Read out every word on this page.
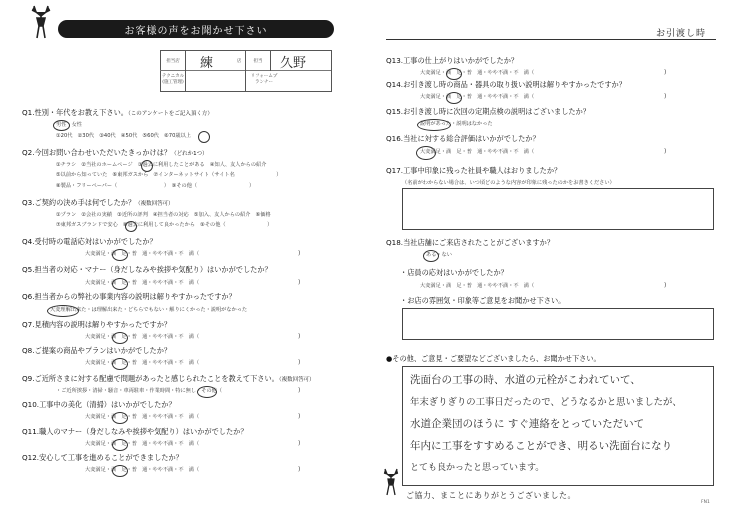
お客様の声をお聞かせ下さい
担当店	練	店	担当	久野
テクニカル(施工管理)
リフォームプランナー
Q1.性別・年代をお教え下さい。（このアンケートをご記入頂く方）
男性　女性
①20代　②30代　③40代　④50代　⑤60代　⑥70歳以上
Q2.今回お問い合わせいただいたきっかけは？（どれか1つ）
①チラシ　②当社のホームページ　③過去に利用したことがある　④知人、友人からの紹介
⑤以前から知っていた　⑥東邦ガスから　⑦インターネットサイト（サイト名　　　　　　　　）
⑧製品・フリーペーパー（　　　　　　　　　）　⑨その他（　　　　　　　　　　）
Q3.ご契約の決め手は何でしたか？（複数回答可）
①プラン　②会社の実績　③近所の評判　④担当者の対応　⑤加入、友人からの紹介　⑥価格
⑦東邦ガスブランドで安心　⑧過去に利用して良かったから　⑨その他（　　　　　　　　）
Q4.受付時の電話応対はいかがでしたか？
大変満足・満　足・普　通・やや不満・不　満（	)
Q5.担当者の対応・マナー（身だしなみや挨拶や気配り）はいかがでしたか？
大変満足・満　足・普　通・やや不満・不　満（	)
Q6.担当者からの弊社の事業内容の説明は解りやすかったですか？
大変理解出来た・は理解出来た・どちらでもない・解りにくかった・説明がなかった
Q7.見積内容の説明は解りやすかったですか？
大変満足・満　足・普　通・やや不満・不　満（	)
Q8.ご提案の商品やプランはいかがでしたか？
大変満足・満　足・普　通・やや不満・不　満（	)
Q9.ご近所さまに対する配慮で問題があったと感じられたことを教えて下さい。（複数回答可）
・ご近所挨拶・清掃・騒音・車両駐車・作業時間・特に無し・その他（	)
Q10.工事中の美化（清掃）はいかがでしたか？
大変満足・満　足・普　通・やや不満・不　満（	)
Q11.職人のマナー（身だしなみや挨拶や気配り）はいかがでしたか？
大変満足・満　足・普　通・やや不満・不　満（	)
Q12.安心して工事を進めることができましたか？
大変満足・満　足・普　通・やや不満・不　満（	)
お引渡し時
Q13.工事の仕上がりはいかがでしたか？
大変満足・満　足・普　通・やや不満・不　満（	)
Q14.お引き渡し時の商品・器具の取り扱い説明は解りやすかったですか？
大変満足・満　足・普　通・やや不満・不　満（	)
Q15.お引き渡し時に次回の定期点検の説明はございましたか？
説明があった・説明はなかった
Q16.当社に対する総合評価はいかがでしたか？
大変満足・満　足・普　通・やや不満・不　満（	)
Q17.工事中印象に残った社員や職人はおりましたか？
（名前がわからない場合は、いつ頃どのような内容が印象に残ったのかをお書きください）
Q18.当社店舗にご来店されたことがございますか？
ある・ない
・店員の応対はいかがでしたか？
大変満足・満　足・普　通・やや不満・不　満（	)
・お店の雰囲気・印象等ご意見をお聞かせ下さい。
●その他、ご意見・ご要望などございましたら、お聞かせ下さい。
洗面台の工事の時、水道の元栓がこわれていて、
年末ぎりぎりの工事日だったので、どうなるかと思いましたが、
水道企業団のほうに すぐ連絡をとっていただいて
年内に工事をすすめることができ、明るい洗面台になり
とても良かったと思っています。
ご協力、まことにありがとうございました。
FN1
